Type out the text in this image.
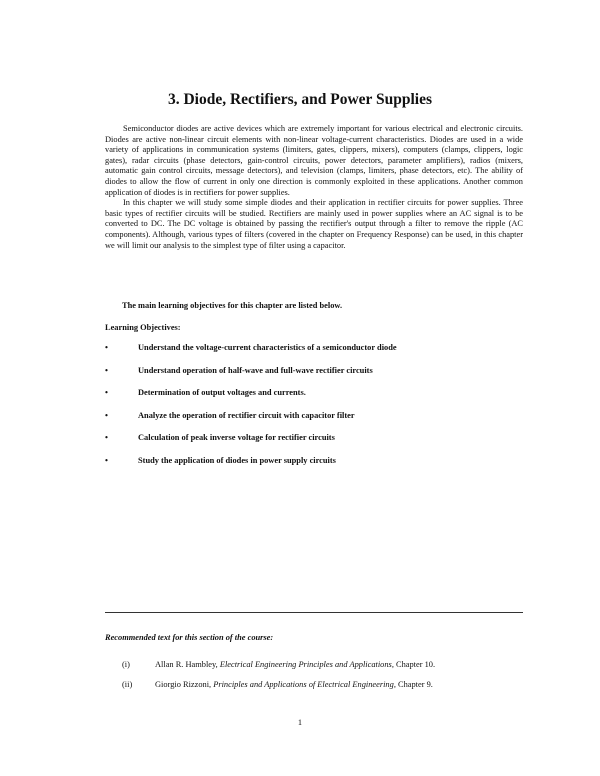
3. Diode, Rectifiers, and Power Supplies

Semiconductor diodes are active devices which are extremely important for various electrical and electronic circuits. Diodes are active non-linear circuit elements with non-linear voltage-current characteristics. Diodes are used in a wide variety of applications in communication systems (limiters, gates, clippers, mixers), computers (clamps, clippers, logic gates), radar circuits (phase detectors, gain-control circuits, power detectors, parameter amplifiers), radios (mixers, automatic gain control circuits, message detectors), and television (clamps, limiters, phase detectors, etc). The ability of diodes to allow the flow of current in only one direction is commonly exploited in these applications. Another common application of diodes is in rectifiers for power supplies.

In this chapter we will study some simple diodes and their application in rectifier circuits for power supplies. Three basic types of rectifier circuits will be studied. Rectifiers are mainly used in power supplies where an AC signal is to be converted to DC. The DC voltage is obtained by passing the rectifier's output through a filter to remove the ripple (AC components). Although, various types of filters (covered in the chapter on Frequency Response) can be used, in this chapter we will limit our analysis to the simplest type of filter using a capacitor.

The main learning objectives for this chapter are listed below.

Learning Objectives:

•	Understand the voltage-current characteristics of a semiconductor diode
•	Understand operation of half-wave and full-wave rectifier circuits
•	Determination of output voltages and currents.
•	Analyze the operation of rectifier circuit with capacitor filter
•	Calculation of peak inverse voltage for rectifier circuits
•	Study the application of diodes in power supply circuits

Recommended text for this section of the course:

(i)	Allan R. Hambley, Electrical Engineering Principles and Applications, Chapter 10.
(ii)	Giorgio Rizzoni, Principles and Applications of Electrical Engineering, Chapter 9.

1
